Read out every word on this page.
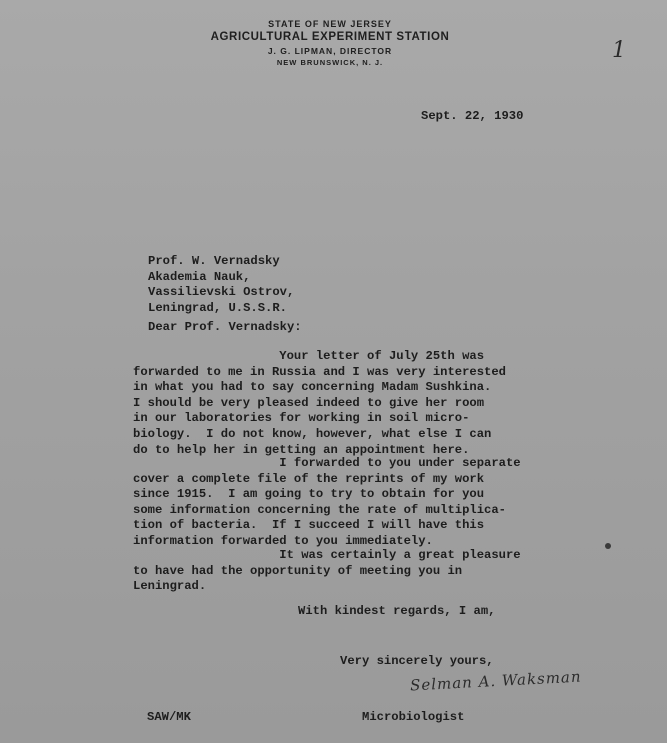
STATE OF NEW JERSEY
AGRICULTURAL EXPERIMENT STATION
J. G. LIPMAN, DIRECTOR
NEW BRUNSWICK, N. J.	1
Sept. 22, 1930
Prof. W. Vernadsky
Akademia Nauk,
Vassilievski Ostrov,
Leningrad, U.S.S.R.
Dear Prof. Vernadsky:
Your letter of July 25th was
forwarded to me in Russia and I was very interested
in what you had to say concerning Madam Sushkina.
I should be very pleased indeed to give her room
in our laboratories for working in soil micro-
biology.  I do not know, however, what else I can
do to help her in getting an appointment here.
I forwarded to you under separate
cover a complete file of the reprints of my work
since 1915.  I am going to try to obtain for you
some information concerning the rate of multiplica-
tion of bacteria.  If I succeed I will have this
information forwarded to you immediately.
It was certainly a great pleasure
to have had the opportunity of meeting you in
Leningrad.
With kindest regards, I am,
Very sincerely yours,
Selman A. Waksman
SAW/MK	Microbiologist
